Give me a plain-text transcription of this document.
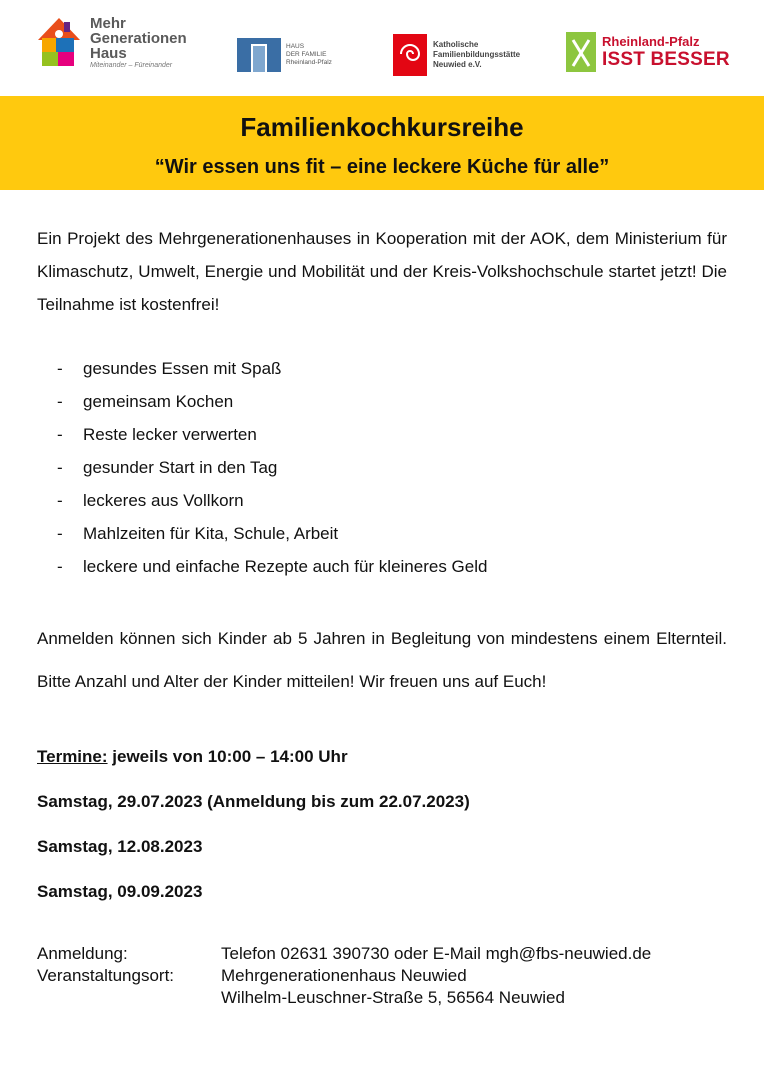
Mehr
Generationen
Haus
Miteinander – Füreinander
HAUS
DER FAMILIE
Rheinland-Pfalz
Katholische
Familienbildungsstätte
Neuwied e.V.
Rheinland-Pfalz
ISST BESSER
Familienkochkursreihe
“Wir essen uns fit – eine leckere Küche für alle”
Ein Projekt des Mehrgenerationenhauses in Kooperation mit der AOK, dem Ministerium für Klimaschutz, Umwelt, Energie und Mobilität und der Kreis-Volkshochschule startet jetzt! Die Teilnahme ist kostenfrei!
-	gesundes Essen mit Spaß
-	gemeinsam Kochen
-	Reste lecker verwerten
-	gesunder Start in den Tag
-	leckeres aus Vollkorn
-	Mahlzeiten für Kita, Schule, Arbeit
-	leckere und einfache Rezepte auch für kleineres Geld
Anmelden können sich Kinder ab 5 Jahren in Begleitung von mindestens einem Elternteil. Bitte Anzahl und Alter der Kinder mitteilen! Wir freuen uns auf Euch!
Termine: jeweils von 10:00 – 14:00 Uhr
Samstag, 29.07.2023 (Anmeldung bis zum 22.07.2023)
Samstag, 12.08.2023
Samstag, 09.09.2023
Anmeldung:	Telefon 02631 390730 oder E-Mail mgh@fbs-neuwied.de
Veranstaltungsort:	Mehrgenerationenhaus Neuwied
Wilhelm-Leuschner-Straße 5, 56564 Neuwied
